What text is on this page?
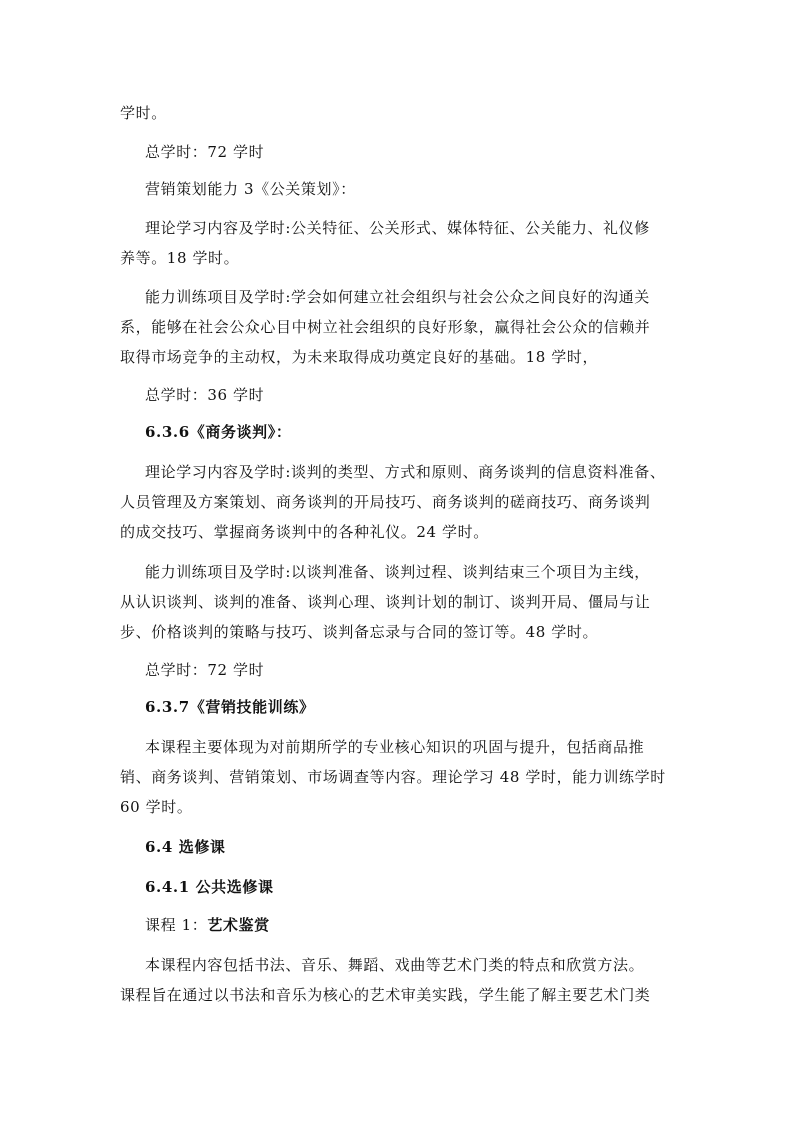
学时。
总学时：72 学时
营销策划能力 3《公关策划》：
理论学习内容及学时:公关特征、公关形式、媒体特征、公关能力、礼仪修
养等。18 学时。
能力训练项目及学时:学会如何建立社会组织与社会公众之间良好的沟通关
系，能够在社会公众心目中树立社会组织的良好形象，赢得社会公众的信赖并
取得市场竞争的主动权，为未来取得成功奠定良好的基础。18 学时，
总学时：36 学时
6.3.6《商务谈判》：
理论学习内容及学时:谈判的类型、方式和原则、商务谈判的信息资料准备、
人员管理及方案策划、商务谈判的开局技巧、商务谈判的磋商技巧、商务谈判
的成交技巧、掌握商务谈判中的各种礼仪。24 学时。
能力训练项目及学时:以谈判准备、谈判过程、谈判结束三个项目为主线，
从认识谈判、谈判的准备、谈判心理、谈判计划的制订、谈判开局、僵局与让
步、价格谈判的策略与技巧、谈判备忘录与合同的签订等。48 学时。
总学时：72 学时
6.3.7《营销技能训练》
本课程主要体现为对前期所学的专业核心知识的巩固与提升，包括商品推
销、商务谈判、营销策划、市场调查等内容。理论学习 48 学时，能力训练学时
60 学时。
6.4 选修课
6.4.1 公共选修课
课程 1：艺术鉴赏
本课程内容包括书法、音乐、舞蹈、戏曲等艺术门类的特点和欣赏方法。
课程旨在通过以书法和音乐为核心的艺术审美实践，学生能了解主要艺术门类
